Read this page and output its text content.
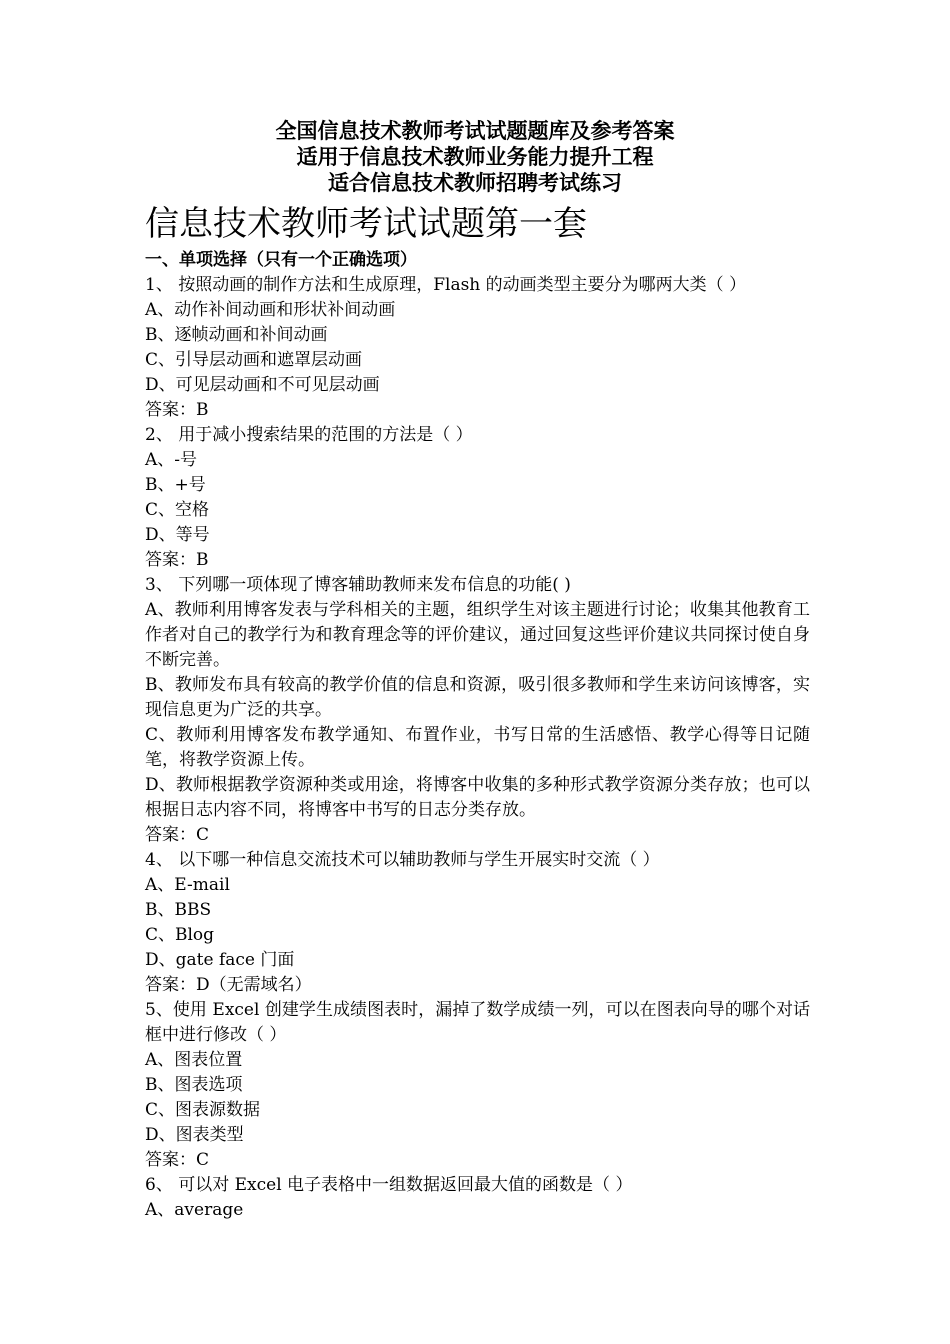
全国信息技术教师考试试题题库及参考答案
适用于信息技术教师业务能力提升工程
适合信息技术教师招聘考试练习
信息技术教师考试试题第一套
一、单项选择（只有一个正确选项）
1、 按照动画的制作方法和生成原理，Flash 的动画类型主要分为哪两大类（ ）
A、动作补间动画和形状补间动画
B、逐帧动画和补间动画
C、引导层动画和遮罩层动画
D、可见层动画和不可见层动画
答案：B
2、 用于减小搜索结果的范围的方法是（ ）
A、-号
B、+号
C、空格
D、等号
答案：B
3、 下列哪一项体现了博客辅助教师来发布信息的功能( )
A、教师利用博客发表与学科相关的主题，组织学生对该主题进行讨论；收集其他教育工作者对自己的教学行为和教育理念等的评价建议，通过回复这些评价建议共同探讨使自身不断完善。
B、教师发布具有较高的教学价值的信息和资源，吸引很多教师和学生来访问该博客，实现信息更为广泛的共享。
C、教师利用博客发布教学通知、布置作业，书写日常的生活感悟、教学心得等日记随笔，将教学资源上传。
D、教师根据教学资源种类或用途，将博客中收集的多种形式教学资源分类存放；也可以根据日志内容不同，将博客中书写的日志分类存放。
答案：C
4、 以下哪一种信息交流技术可以辅助教师与学生开展实时交流（ ）
A、E-mail
B、BBS
C、Blog
D、gate face 门面
答案：D（无需域名）
5、使用 Excel 创建学生成绩图表时，漏掉了数学成绩一列，可以在图表向导的哪个对话框中进行修改（ ）
A、图表位置
B、图表选项
C、图表源数据
D、图表类型
答案：C
6、 可以对 Excel 电子表格中一组数据返回最大值的函数是（ ）
A、average
